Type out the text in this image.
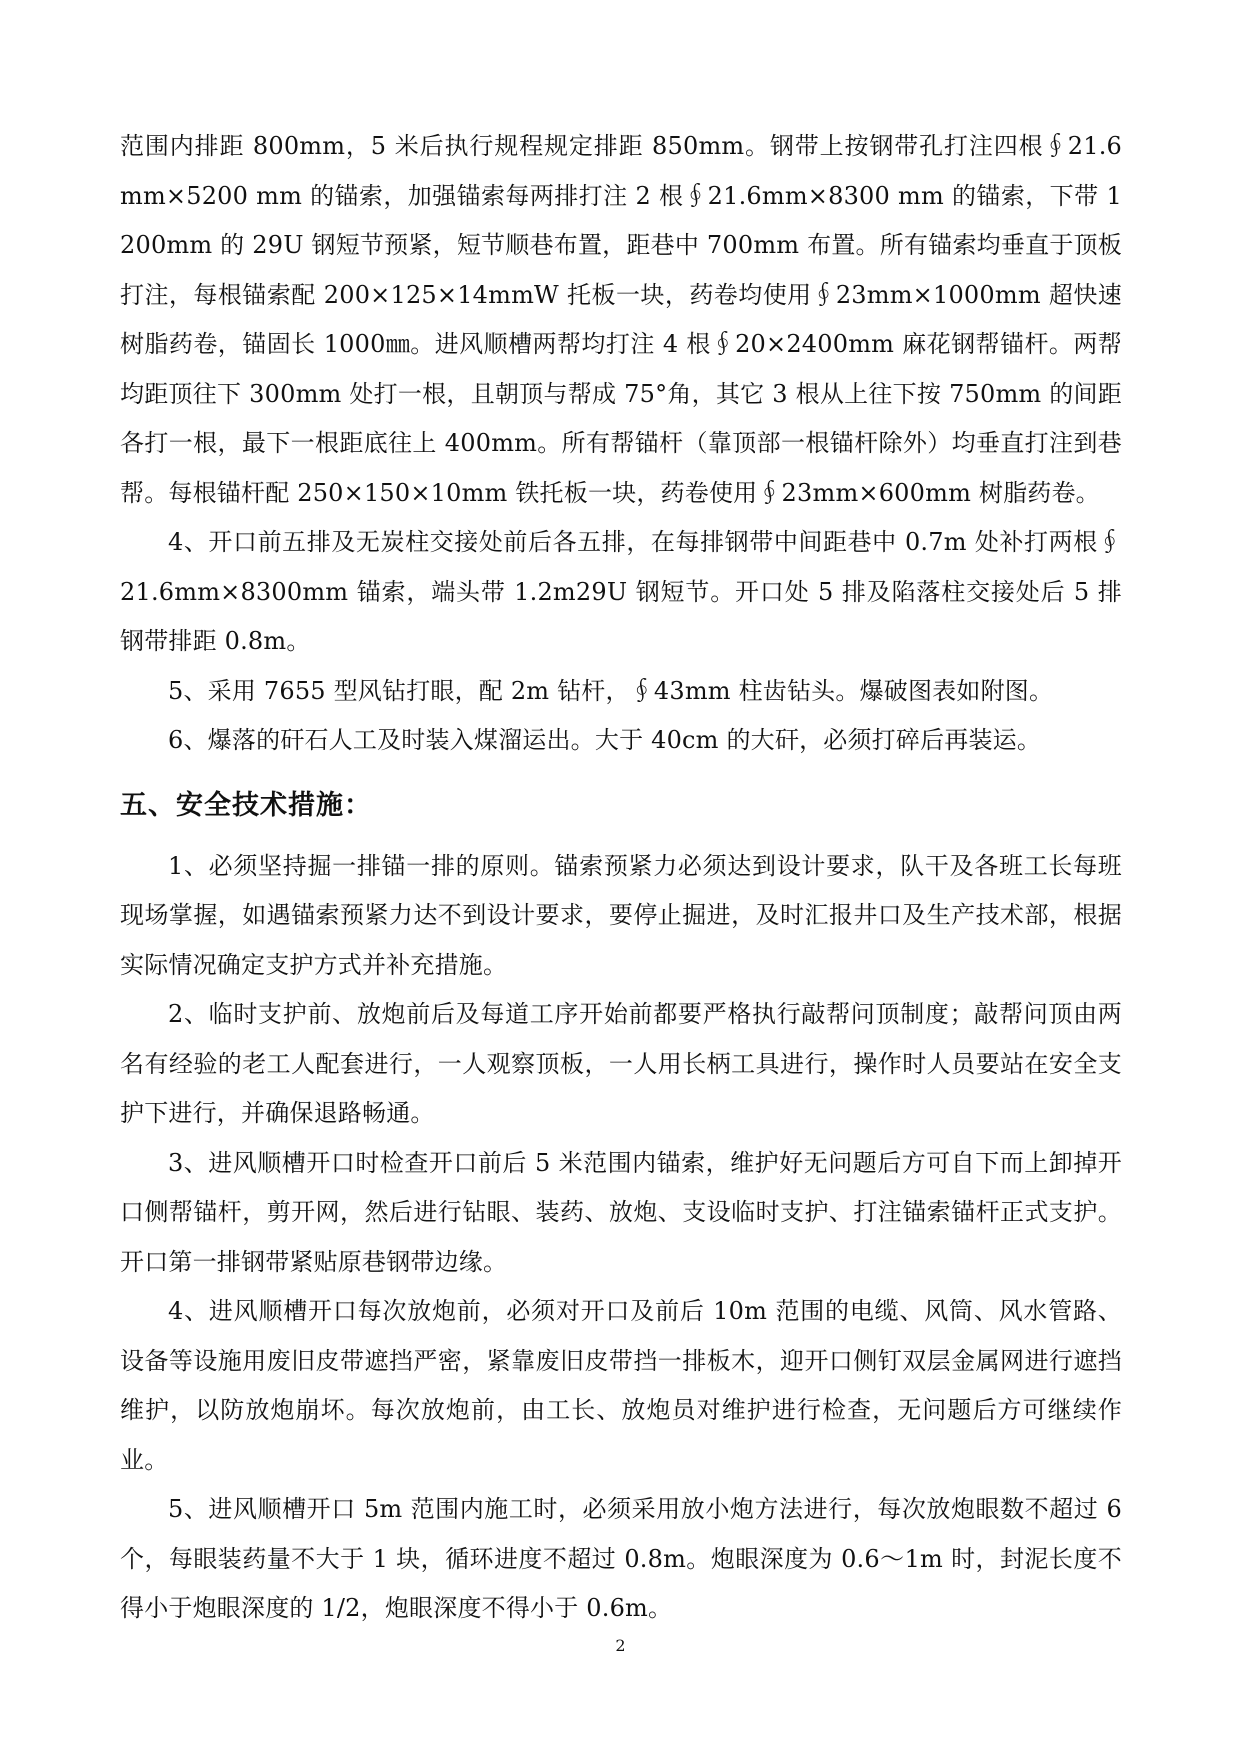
范围内排距 800mm，5 米后执行规程规定排距 850mm。钢带上按钢带孔打注四根∮21.6mm×5200 mm 的锚索，加强锚索每两排打注 2 根∮21.6mm×8300 mm 的锚索，下带 1200mm 的 29U 钢短节预紧，短节顺巷布置，距巷中 700mm 布置。所有锚索均垂直于顶板打注，每根锚索配 200×125×14mmW 托板一块，药卷均使用∮23mm×1000mm 超快速树脂药卷，锚固长 1000㎜。进风顺槽两帮均打注 4 根∮20×2400mm 麻花钢帮锚杆。两帮均距顶往下 300mm 处打一根，且朝顶与帮成 75°角，其它 3 根从上往下按 750mm 的间距各打一根，最下一根距底往上 400mm。所有帮锚杆（靠顶部一根锚杆除外）均垂直打注到巷帮。每根锚杆配 250×150×10mm 铁托板一块，药卷使用∮23mm×600mm 树脂药卷。

4、开口前五排及无炭柱交接处前后各五排，在每排钢带中间距巷中 0.7m 处补打两根∮21.6mm×8300mm 锚索，端头带 1.2m29U 钢短节。开口处 5 排及陷落柱交接处后 5 排钢带排距 0.8m。

5、采用 7655 型风钻打眼，配 2m 钻杆，∮43mm 柱齿钻头。爆破图表如附图。

6、爆落的矸石人工及时装入煤溜运出。大于 40cm 的大矸，必须打碎后再装运。

五、安全技术措施：

1、必须坚持掘一排锚一排的原则。锚索预紧力必须达到设计要求，队干及各班工长每班现场掌握，如遇锚索预紧力达不到设计要求，要停止掘进，及时汇报井口及生产技术部，根据实际情况确定支护方式并补充措施。

2、临时支护前、放炮前后及每道工序开始前都要严格执行敲帮问顶制度；敲帮问顶由两名有经验的老工人配套进行，一人观察顶板，一人用长柄工具进行，操作时人员要站在安全支护下进行，并确保退路畅通。

3、进风顺槽开口时检查开口前后 5 米范围内锚索，维护好无问题后方可自下而上卸掉开口侧帮锚杆，剪开网，然后进行钻眼、装药、放炮、支设临时支护、打注锚索锚杆正式支护。开口第一排钢带紧贴原巷钢带边缘。

4、进风顺槽开口每次放炮前，必须对开口及前后 10m 范围的电缆、风筒、风水管路、设备等设施用废旧皮带遮挡严密，紧靠废旧皮带挡一排板木，迎开口侧钉双层金属网进行遮挡维护，以防放炮崩坏。每次放炮前，由工长、放炮员对维护进行检查，无问题后方可继续作业。

5、进风顺槽开口 5m 范围内施工时，必须采用放小炮方法进行，每次放炮眼数不超过 6 个，每眼装药量不大于 1 块，循环进度不超过 0.8m。炮眼深度为 0.6～1m 时，封泥长度不得小于炮眼深度的 1/2，炮眼深度不得小于 0.6m。

2
